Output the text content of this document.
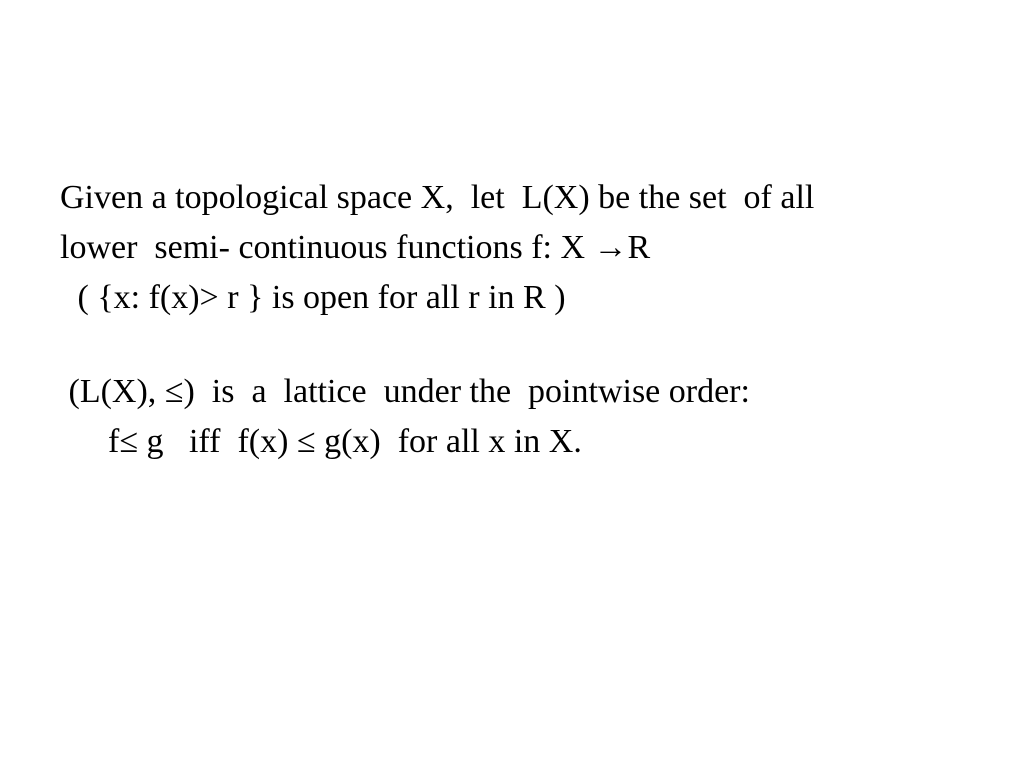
Given a topological space X,  let  L(X) be the set  of all
lower  semi- continuous functions f: X →R
( {x: f(x)> r } is open for all r in R )
(L(X), ≤)  is  a  lattice  under the  pointwise order:
f≤ g   iff  f(x) ≤ g(x)  for all x in X.
